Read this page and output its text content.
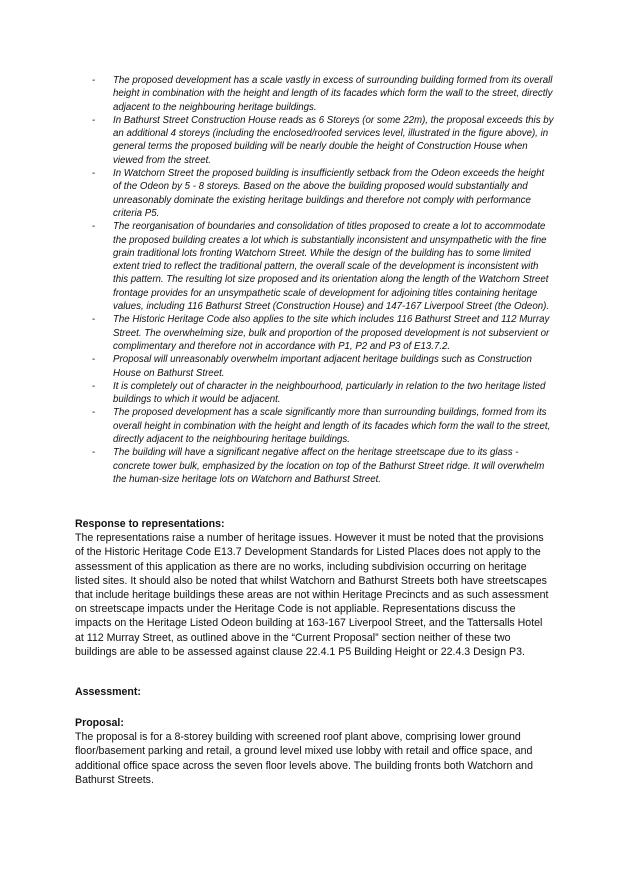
- The proposed development has a scale vastly in excess of surrounding building formed from its overall height in combination with the height and length of its facades which form the wall to the street, directly adjacent to the neighbouring heritage buildings.
- In Bathurst Street Construction House reads as 6 Storeys (or some 22m), the proposal exceeds this by an additional 4 storeys (including the enclosed/roofed services level, illustrated in the figure above), in general terms the proposed building will be nearly double the height of Construction House when viewed from the street.
- In Watchorn Street the proposed building is insufficiently setback from the Odeon exceeds the height of the Odeon by 5 - 8 storeys. Based on the above the building proposed would substantially and unreasonably dominate the existing heritage buildings and therefore not comply with performance criteria P5.
- The reorganisation of boundaries and consolidation of titles proposed to create a lot to accommodate the proposed building creates a lot which is substantially inconsistent and unsympathetic with the fine grain traditional lots fronting Watchorn Street. While the design of the building has to some limited extent tried to reflect the traditional pattern, the overall scale of the development is inconsistent with this pattern. The resulting lot size proposed and its orientation along the length of the Watchorn Street frontage provides for an unsympathetic scale of development for adjoining titles containing heritage values, including 116 Bathurst Street (Construction House) and 147-167 Liverpool Street (the Odeon).
- The Historic Heritage Code also applies to the site which includes 116 Bathurst Street and 112 Murray Street. The overwhelming size, bulk and proportion of the proposed development is not subservient or complimentary and therefore not in accordance with P1, P2 and P3 of E13.7.2.
- Proposal will unreasonably overwhelm important adjacent heritage buildings such as Construction House on Bathurst Street.
- It is completely out of character in the neighbourhood, particularly in relation to the two heritage listed buildings to which it would be adjacent.
- The proposed development has a scale significantly more than surrounding buildings, formed from its overall height in combination with the height and length of its facades which form the wall to the street, directly adjacent to the neighbouring heritage buildings.
- The building will have a significant negative affect on the heritage streetscape due to its glass - concrete tower bulk, emphasized by the location on top of the Bathurst Street ridge. It will overwhelm the human-size heritage lots on Watchorn and Bathurst Street.
Response to representations:

The representations raise a number of heritage issues. However it must be noted that the provisions of the Historic Heritage Code E13.7 Development Standards for Listed Places does not apply to the assessment of this application as there are no works, including subdivision occurring on heritage listed sites. It should also be noted that whilst Watchorn and Bathurst Streets both have streetscapes that include heritage buildings these areas are not within Heritage Precincts and as such assessment on streetscape impacts under the Heritage Code is not appliable. Representations discuss the impacts on the Heritage Listed Odeon building at 163-167 Liverpool Street, and the Tattersalls Hotel at 112 Murray Street, as outlined above in the “Current Proposal” section neither of these two buildings are able to be assessed against clause 22.4.1 P5 Building Height or 22.4.3 Design P3.

Assessment:
Proposal:

The proposal is for a 8-storey building with screened roof plant above, comprising lower ground floor/basement parking and retail, a ground level mixed use lobby with retail and office space, and additional office space across the seven floor levels above. The building fronts both Watchorn and Bathurst Streets.
